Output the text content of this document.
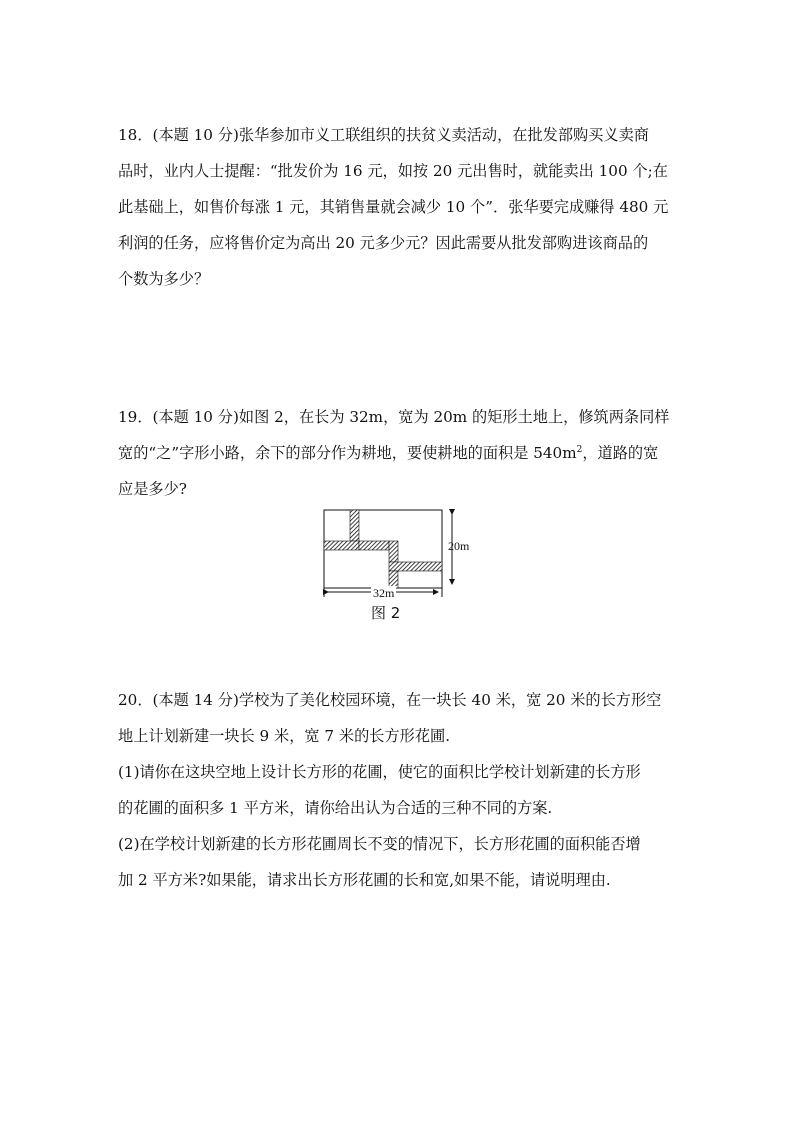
18．(本题 10 分)张华参加市义工联组织的扶贫义卖活动，在批发部购买义卖商

品时，业内人士提醒：“批发价为 16 元，如按 20 元出售时，就能卖出 100 个;在

此基础上，如售价每涨 1 元，其销售量就会减少 10 个”．张华要完成赚得 480 元

利润的任务，应将售价定为高出 20 元多少元？因此需要从批发部购进该商品的

个数为多少？

19．(本题 10 分)如图 2，在长为 32m，宽为 20m 的矩形土地上，修筑两条同样

宽的“之”字形小路，余下的部分作为耕地，要使耕地的面积是 $540m^2$，道路的宽

应是多少?

20m
32m
图 2

20．(本题 14 分)学校为了美化校园环境，在一块长 40 米，宽 20 米的长方形空

地上计划新建一块长 9 米，宽 7 米的长方形花圃.

(1)请你在这块空地上设计长方形的花圃，使它的面积比学校计划新建的长方形

的花圃的面积多 1 平方米，请你给出认为合适的三种不同的方案.

(2)在学校计划新建的长方形花圃周长不变的情况下，长方形花圃的面积能否增

加 2 平方米?如果能，请求出长方形花圃的长和宽,如果不能，请说明理由.
